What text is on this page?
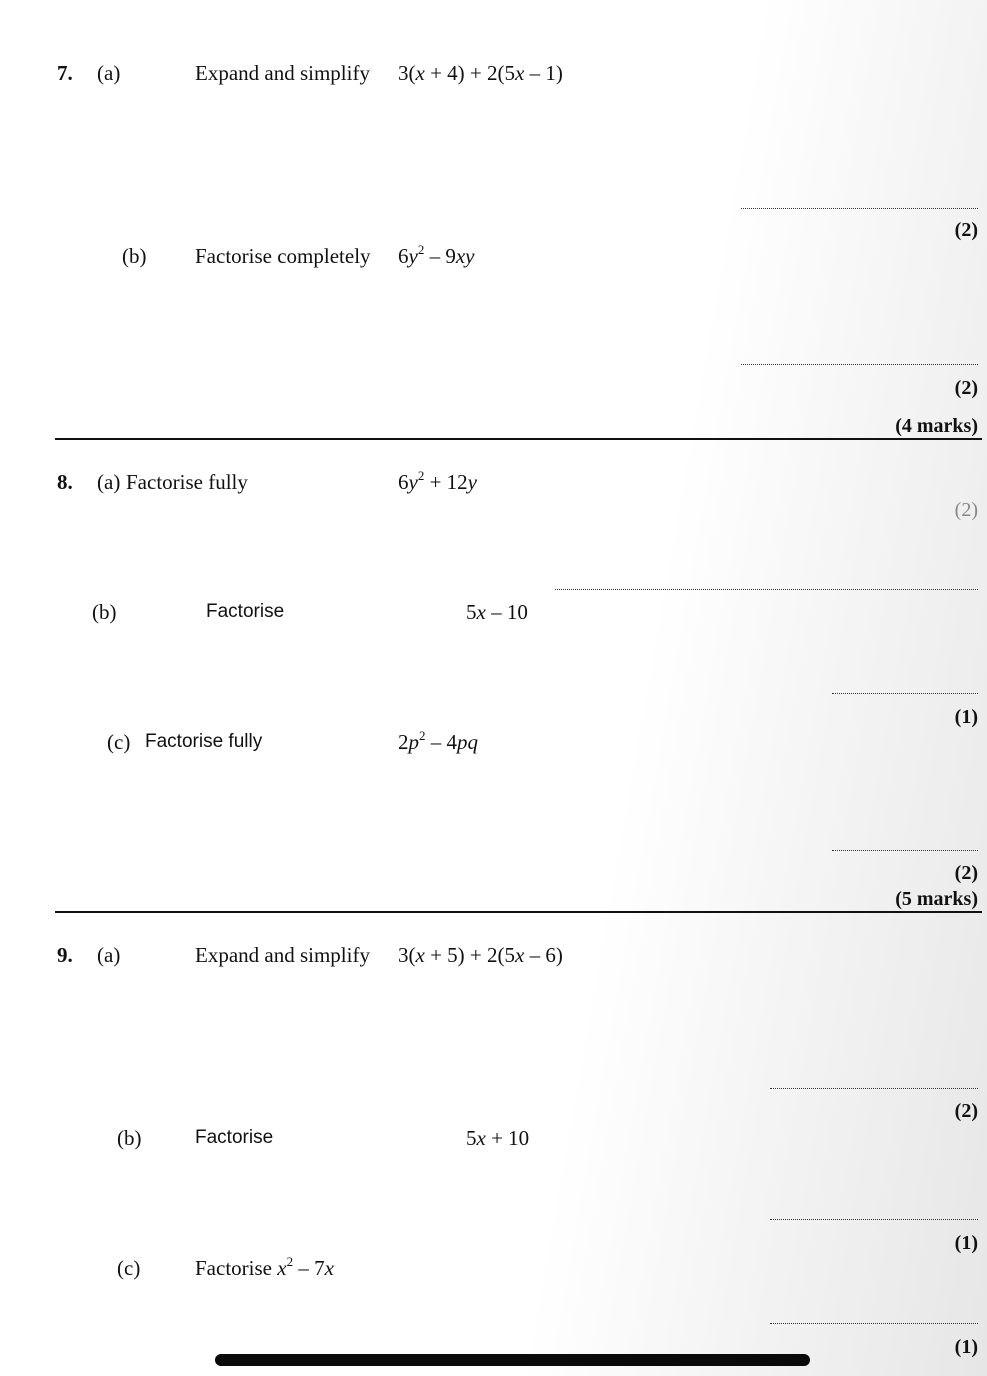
7. (a)	Expand and simplify 3(x + 4) + 2(5x – 1)
(2)
(b) Factorise completely $6y^2 - 9xy$
(2)
(4 marks)
8. (a) Factorise fully	$6y^2 + 12y$
(2)
(b)	Factorise	5x – 10
(1)
(c) Factorise fully	$2p^2 - 4pq$
(2)
(5 marks)
9. (a)	Expand and simplify 3(x + 5) + 2(5x – 6)
(2)
(b)	Factorise	5x + 10
(1)
(c)	Factorise $x^2 - 7x$
(1)
